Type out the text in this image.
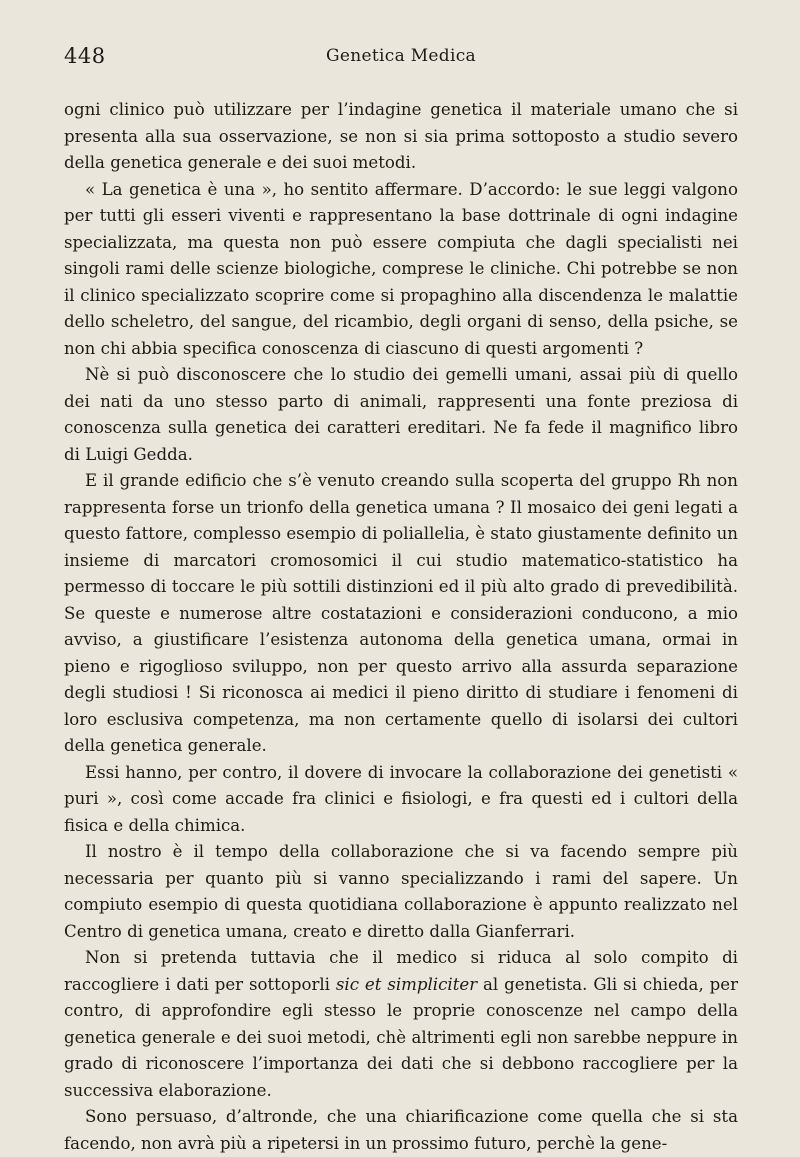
448	Genetica Medica

ogni clinico può utilizzare per l’indagine genetica il materiale umano che si presenta alla sua osservazione, se non si sia prima sottoposto a studio severo della genetica generale e dei suoi metodi.

« La genetica è una », ho sentito affermare. D’accordo: le sue leggi valgono per tutti gli esseri viventi e rappresentano la base dottrinale di ogni indagine specializzata, ma questa non può essere compiuta che dagli specialisti nei singoli rami delle scienze biologiche, comprese le cliniche. Chi potrebbe se non il clinico specializzato scoprire come si propaghino alla discendenza le malattie dello scheletro, del sangue, del ricambio, degli organi di senso, della psiche, se non chi abbia specifica conoscenza di ciascuno di questi argomenti ?

Nè si può disconoscere che lo studio dei gemelli umani, assai più di quello dei nati da uno stesso parto di animali, rappresenti una fonte preziosa di conoscenza sulla genetica dei caratteri ereditari. Ne fa fede il magnifico libro di Luigi Gedda.

E il grande edificio che s’è venuto creando sulla scoperta del gruppo Rh non rappresenta forse un trionfo della genetica umana ? Il mosaico dei geni legati a questo fattore, complesso esempio di poliallelia, è stato giustamente definito un insieme di marcatori cromosomici il cui studio matematico-statistico ha permesso di toccare le più sottili distinzioni ed il più alto grado di prevedibilità. Se queste e numerose altre costatazioni e considerazioni conducono, a mio avviso, a giustificare l’esistenza autonoma della genetica umana, ormai in pieno e rigoglioso sviluppo, non per questo arrivo alla assurda separazione degli studiosi ! Si riconosca ai medici il pieno diritto di studiare i fenomeni di loro esclusiva competenza, ma non certamente quello di isolarsi dei cultori della genetica generale.

Essi hanno, per contro, il dovere di invocare la collaborazione dei genetisti « puri », così come accade fra clinici e fisiologi, e fra questi ed i cultori della fisica e della chimica.

Il nostro è il tempo della collaborazione che si va facendo sempre più necessaria per quanto più si vanno specializzando i rami del sapere. Un compiuto esempio di questa quotidiana collaborazione è appunto realizzato nel Centro di genetica umana, creato e diretto dalla Gianferrari.

Non si pretenda tuttavia che il medico si riduca al solo compito di raccogliere i dati per sottoporli sic et simpliciter al genetista. Gli si chieda, per contro, di approfondire egli stesso le proprie conoscenze nel campo della genetica generale e dei suoi metodi, chè altrimenti egli non sarebbe neppure in grado di riconoscere l’importanza dei dati che si debbono raccogliere per la successiva elaborazione.

Sono persuaso, d’altronde, che una chiarificazione come quella che si sta facendo, non avrà più a ripetersi in un prossimo futuro, perchè la gene-
